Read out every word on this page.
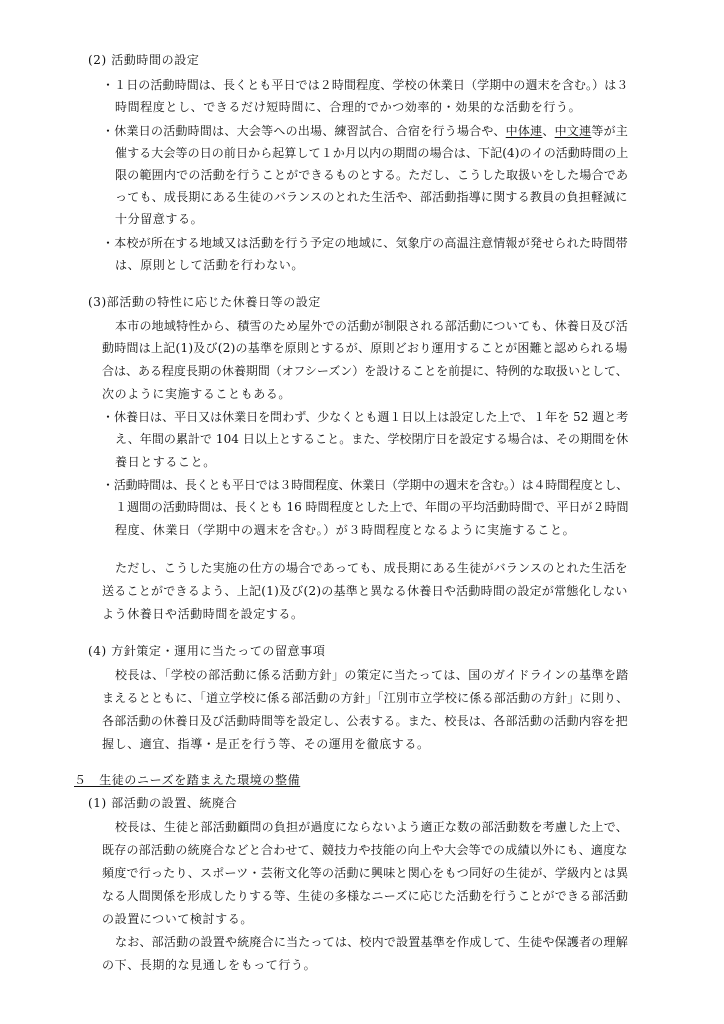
(2) 活動時間の設定
・１日の活動時間は、長くとも平日では２時間程度、学校の休業日（学期中の週末を含む。）は３
時間程度とし、できるだけ短時間に、合理的でかつ効率的・効果的な活動を行う。
・休業日の活動時間は、大会等への出場、練習試合、合宿を行う場合や、中体連、中文連等が主
催する大会等の日の前日から起算して１か月以内の期間の場合は、下記(4)のイの活動時間の上
限の範囲内での活動を行うことができるものとする。ただし、こうした取扱いをした場合であ
っても、成長期にある生徒のバランスのとれた生活や、部活動指導に関する教員の負担軽減に
十分留意する。
・本校が所在する地域又は活動を行う予定の地域に、気象庁の高温注意情報が発せられた時間帯
は、原則として活動を行わない。
(3)部活動の特性に応じた休養日等の設定
本市の地域特性から、積雪のため屋外での活動が制限される部活動についても、休養日及び活
動時間は上記(1)及び(2)の基準を原則とするが、原則どおり運用することが困難と認められる場
合は、ある程度長期の休養期間（オフシーズン）を設けることを前提に、特例的な取扱いとして、
次のように実施することもある。
・休養日は、平日又は休業日を問わず、少なくとも週１日以上は設定した上で、１年を 52 週と考
え、年間の累計で 104 日以上とすること。また、学校閉庁日を設定する場合は、その期間を休
養日とすること。
・活動時間は、長くとも平日では３時間程度、休業日（学期中の週末を含む。）は４時間程度とし、
１週間の活動時間は、長くとも 16 時間程度とした上で、年間の平均活動時間で、平日が２時間
程度、休業日（学期中の週末を含む。）が３時間程度となるように実施すること。
ただし、こうした実施の仕方の場合であっても、成長期にある生徒がバランスのとれた生活を
送ることができるよう、上記(1)及び(2)の基準と異なる休養日や活動時間の設定が常態化しない
よう休養日や活動時間を設定する。
(4) 方針策定・運用に当たっての留意事項
校長は、「学校の部活動に係る活動方針」の策定に当たっては、国のガイドラインの基準を踏
まえるとともに、「道立学校に係る部活動の方針」「江別市立学校に係る部活動の方針」に則り、
各部活動の休養日及び活動時間等を設定し、公表する。また、校長は、各部活動の活動内容を把
握し、適宜、指導・是正を行う等、その運用を徹底する。
５　生徒のニーズを踏まえた環境の整備
(1) 部活動の設置、統廃合
校長は、生徒と部活動顧問の負担が過度にならないよう適正な数の部活動数を考慮した上で、
既存の部活動の統廃合などと合わせて、競技力や技能の向上や大会等での成績以外にも、適度な
頻度で行ったり、スポーツ・芸術文化等の活動に興味と関心をもつ同好の生徒が、学級内とは異
なる人間関係を形成したりする等、生徒の多様なニーズに応じた活動を行うことができる部活動
の設置について検討する。
なお、部活動の設置や統廃合に当たっては、校内で設置基準を作成して、生徒や保護者の理解
の下、長期的な見通しをもって行う。
